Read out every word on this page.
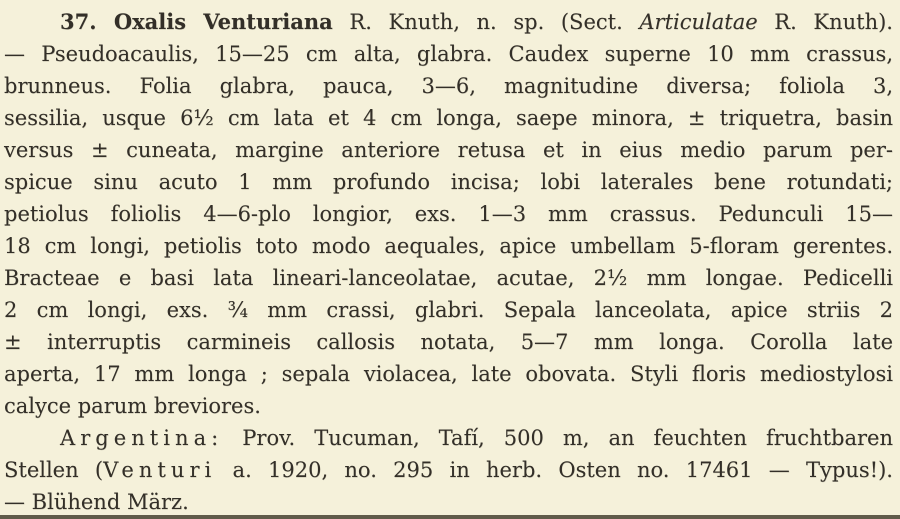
37. Oxalis Venturiana R. Knuth, n. sp. (Sect. Articulatae R. Knuth).
— Pseudoacaulis, 15—25 cm alta, glabra. Caudex superne 10 mm crassus,
brunneus. Folia glabra, pauca, 3—6, magnitudine diversa; foliola 3,
sessilia, usque 6½ cm lata et 4 cm longa, saepe minora, ± triquetra, basin
versus ± cuneata, margine anteriore retusa et in eius medio parum per-
spicue sinu acuto 1 mm profundo incisa; lobi laterales bene rotundati;
petiolus foliolis 4—6-plo longior, exs. 1—3 mm crassus. Pedunculi 15—
18 cm longi, petiolis toto modo aequales, apice umbellam 5-floram gerentes.
Bracteae e basi lata lineari-lanceolatae, acutae, 2½ mm longae. Pedicelli
2 cm longi, exs. ¾ mm crassi, glabri. Sepala lanceolata, apice striis 2
± interruptis carmineis callosis notata, 5—7 mm longa. Corolla late
aperta, 17 mm longa ; sepala violacea, late obovata. Styli floris mediostylosi
calyce parum breviores.
Argentina: Prov. Tucuman, Tafí, 500 m, an feuchten fruchtbaren
Stellen (Venturi a. 1920, no. 295 in herb. Osten no. 17461 — Typus!).
— Blühend März.
